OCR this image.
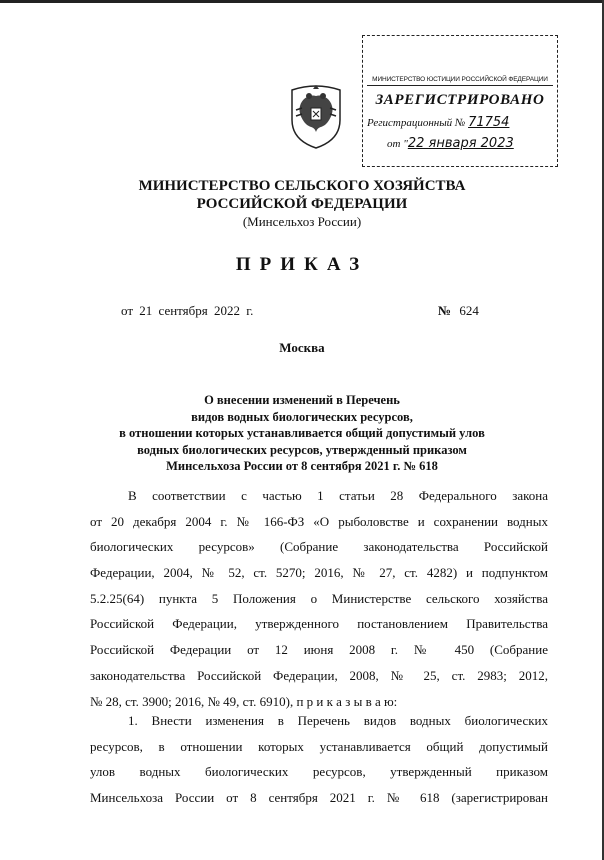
МИНИСТЕРСТВО ЮСТИЦИИ РОССИЙСКОЙ ФЕДЕРАЦИИ
ЗАРЕГИСТРИРОВАНО
Регистрационный № 71754
от "22 января 2023
МИНИСТЕРСТВО СЕЛЬСКОГО ХОЗЯЙСТВА
РОССИЙСКОЙ ФЕДЕРАЦИИ
(Минсельхоз России)
ПРИКАЗ
от 21 сентября 2022 г.	№ 624
Москва
О внесении изменений в Перечень
видов водных биологических ресурсов,
в отношении которых устанавливается общий допустимый улов
водных биологических ресурсов, утвержденный приказом
Минсельхоза России от 8 сентября 2021 г. № 618
В соответствии с частью 1 статьи 28 Федерального закона
от 20 декабря 2004 г. № 166-ФЗ «О рыболовстве и сохранении водных
биологических ресурсов» (Собрание законодательства Российской
Федерации, 2004, № 52, ст. 5270; 2016, № 27, ст. 4282) и подпунктом
5.2.25(64) пункта 5 Положения о Министерстве сельского хозяйства
Российской Федерации, утвержденного постановлением Правительства
Российской Федерации от 12 июня 2008 г. № 450 (Собрание
законодательства Российской Федерации, 2008, № 25, ст. 2983; 2012,
№ 28, ст. 3900; 2016, № 49, ст. 6910), п р и к а з ы в а ю:
1. Внести изменения в Перечень видов водных биологических
ресурсов, в отношении которых устанавливается общий допустимый
улов водных биологических ресурсов, утвержденный приказом
Минсельхоза России от 8 сентября 2021 г. № 618 (зарегистрирован
